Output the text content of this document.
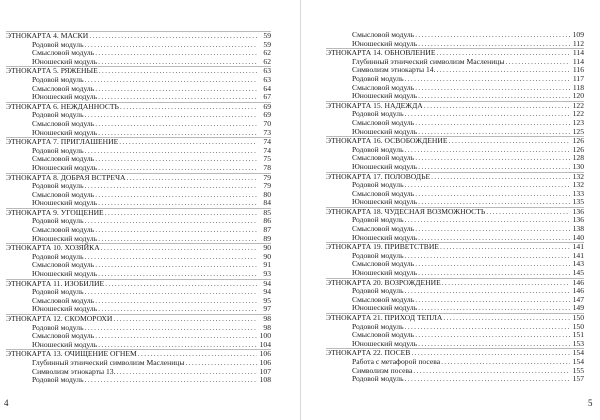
ЭТНОКАРТА 4. МАСКИ . . .	59
Родовой модуль . . .	59
Смысловой модуль . . .	62
Юношеский модуль . . .	62
ЭТНОКАРТА 5. РЯЖЕНЫЕ . . .	63
Родовой модуль . . .	63
Смысловой модуль . . .	64
Юношеский модуль . . .	67
ЭТНОКАРТА 6. НЕЖДАННОСТЬ . . .	69
Родовой модуль . . .	69
Смысловой модуль . . .	70
Юношеский модуль . . .	73
ЭТНОКАРТА 7. ПРИГЛАШЕНИЕ . . .	74
Родовой модуль . . .	74
Смысловой модуль . . .	75
Юношеский модуль . . .	78
ЭТНОКАРТА 8. ДОБРАЯ ВСТРЕЧА . . .	79
Родовой модуль . . .	79
Смысловой модуль . . .	80
Юношеский модуль . . .	84
ЭТНОКАРТА 9. УГОЩЕНИЕ . . .	85
Родовой модуль . . .	86
Смысловой модуль . . .	87
Юношеский модуль . . .	89
ЭТНОКАРТА 10. ХОЗЯЙКА . . .	90
Родовой модуль . . .	90
Смысловой модуль . . .	91
Юношеский модуль . . .	93
ЭТНОКАРТА 11. ИЗОБИЛИЕ . . .	94
Родовой модуль . . .	94
Смысловой модуль . . .	95
Юношеский модуль . . .	97
ЭТНОКАРТА 12. СКОМОРОХИ . . .	98
Родовой модуль . . .	98
Смысловой модуль . . .	100
Юношеский модуль . . .	104
ЭТНОКАРТА 13. ОЧИЩЕНИЕ ОГНЕМ . . .	106
Глубинный этнический символизм Масленицы . . .	106
Символизм этнокарты 13. . . .	107
Родовой модуль . . .	108
Смысловой модуль . . .	109
Юношеский модуль . . .	112
ЭТНОКАРТА 14. ОБНОВЛЕНИЕ . . .	114
Глубинный этнический символизм Масленицы . . .	114
Символизм этнокарты 14. . . .	116
Родовой модуль . . .	117
Смысловой модуль . . .	118
Юношеский модуль . . .	120
ЭТНОКАРТА 15. НАДЕЖДА . . .	122
Родовой модуль . . .	122
Смысловой модуль . . .	123
Юношеский модуль . . .	125
ЭТНОКАРТА 16. ОСВОБОЖДЕНИЕ . . .	126
Родовой модуль . . .	126
Смысловой модуль . . .	128
Юношеский модуль . . .	130
ЭТНОКАРТА 17. ПОЛОВОДЬЕ . . .	132
Родовой модуль . . .	132
Смысловой модуль . . .	133
Юношеский модуль . . .	135
ЭТНОКАРТА 18. ЧУДЕСНАЯ ВОЗМОЖНОСТЬ . . .	136
Родовой модуль . . .	136
Смысловой модуль . . .	138
Юношеский модуль . . .	140
ЭТНОКАРТА 19. ПРИВЕТСТВИЕ . . .	141
Родовой модуль . . .	141
Смысловой модуль . . .	143
Юношеский модуль . . .	145
ЭТНОКАРТА 20. ВОЗРОЖДЕНИЕ . . .	146
Родовой модуль . . .	146
Смысловой модуль . . .	147
Юношеский модуль . . .	149
ЭТНОКАРТА 21. ПРИХОД ТЕПЛА . . .	150
Родовой модуль . . .	150
Смысловой модуль . . .	151
Юношеский модуль . . .	153
ЭТНОКАРТА 22. ПОСЕВ . . .	154
Работа с метафорой посева . . .	154
Символизм посева . . .	155
Родовой модуль . . .	157
4	5
